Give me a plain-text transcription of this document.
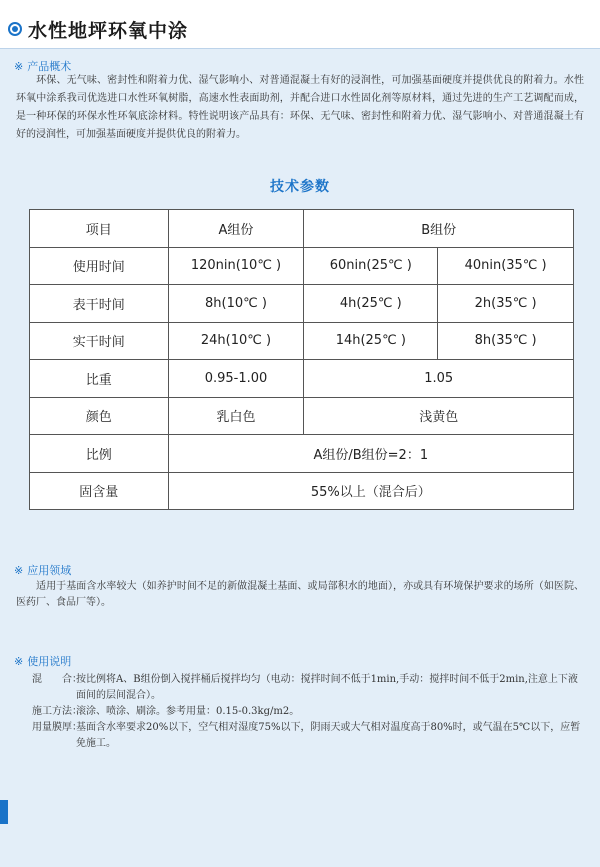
水性地坪环氧中涂
※ 产品概术
环保、无气味、密封性和附着力优、湿气影响小、对普通混凝土有好的浸润性，可加强基面硬度并提供优良的附着力。水性环氧中涂系我司优选进口水性环氧树脂，高速水性表面助剂，并配合进口水性固化剂等原材料，通过先进的生产工艺调配而成，是一种环保的环保水性环氧底涂材料。特性说明该产品具有：环保、无气味、密封性和附着力优、湿气影响小、对普通混凝土有好的浸润性，可加强基面硬度并提供优良的附着力。
技术参数
项目	A组份	B组份	
使用时间	120nin(10℃ )	60nin(25℃ )	40nin(35℃ )
表干时间	8h(10℃ )	4h(25℃ )	2h(35℃ )
实干时间	24h(10℃ )	14h(25℃ )	8h(35℃ )
比重	0.95-1.00	1.05	
颜色	乳白色	浅黄色	
比例	A组份/B组份=2：1		
固含量	55%以上（混合后）		
※ 应用领域
适用于基面含水率较大（如养护时间不足的新做混凝土基面、或局部积水的地面），亦或具有环境保护要求的场所（如医院、医药厂、食品厂等）。
※ 使用说明
混　　合：
按比例将A、B组份倒入搅拌桶后搅拌均匀（电动：搅拌时间不低于1min,手动：搅拌时间不低于2min,注意上下液面间的层间混合）。
施工方法：
滚涂、喷涂、刷涂。参考用量：0.15-0.3kg/m2。
用量膜厚：
基面含水率要求20%以下，空气相对湿度75%以下，阴雨天或大气相对温度高于80%时，或气温在5℃以下，应暂免施工。
